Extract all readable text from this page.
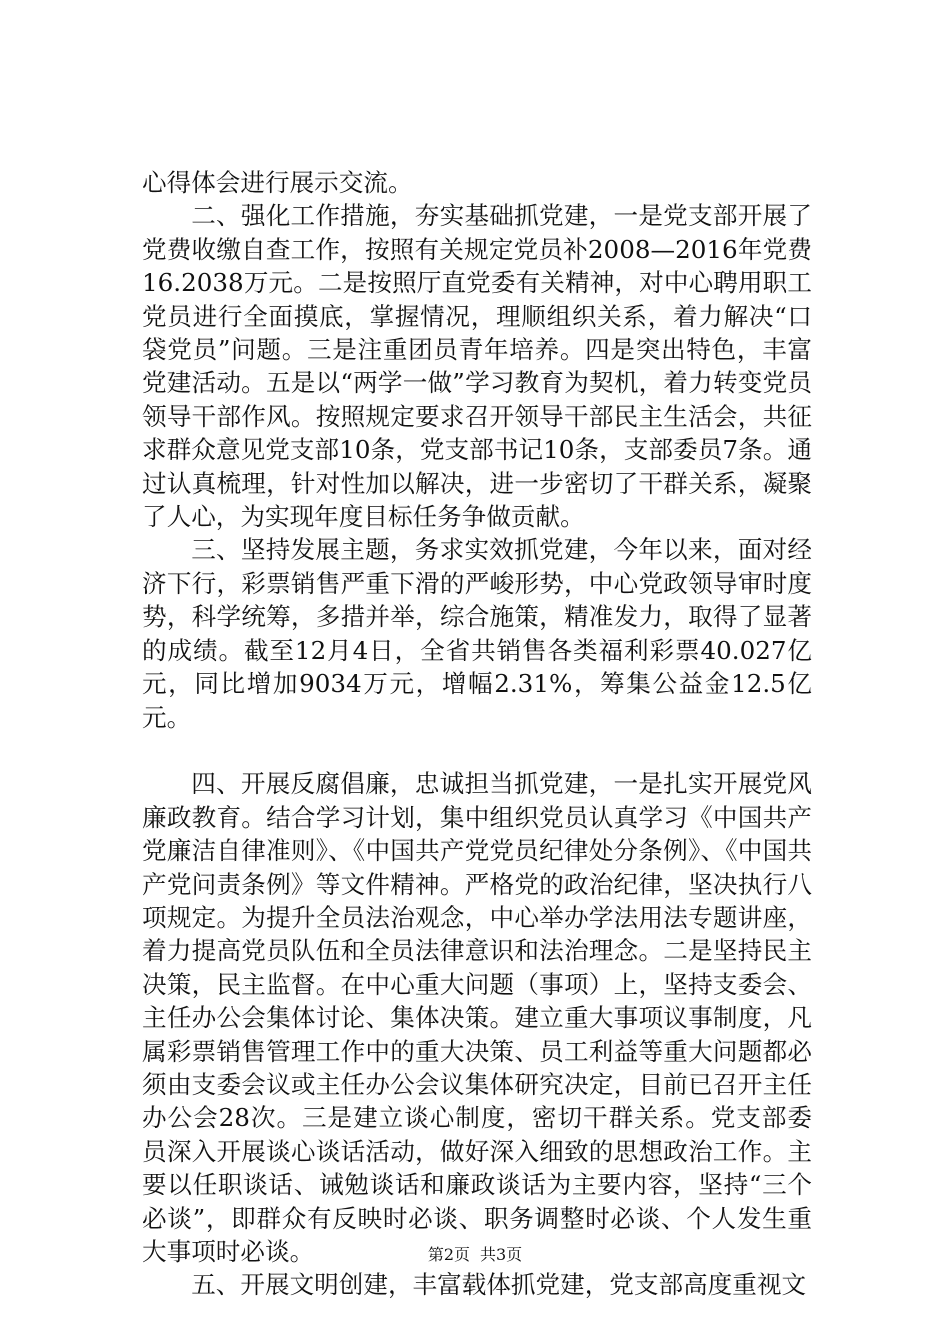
心得体会进行展示交流。

二、强化工作措施，夯实基础抓党建，一是党支部开展了党费收缴自查工作，按照有关规定党员补2008—2016年党费16.2038万元。二是按照厅直党委有关精神，对中心聘用职工党员进行全面摸底，掌握情况，理顺组织关系，着力解决“口袋党员”问题。三是注重团员青年培养。四是突出特色，丰富党建活动。五是以“两学一做”学习教育为契机，着力转变党员领导干部作风。按照规定要求召开领导干部民主生活会，共征求群众意见党支部10条，党支部书记10条，支部委员7条。通过认真梳理，针对性加以解决，进一步密切了干群关系，凝聚了人心，为实现年度目标任务争做贡献。

三、坚持发展主题，务求实效抓党建，今年以来，面对经济下行，彩票销售严重下滑的严峻形势，中心党政领导审时度势，科学统筹，多措并举，综合施策，精准发力，取得了显著的成绩。截至12月4日，全省共销售各类福利彩票40.027亿元，同比增加9034万元，增幅2.31%，筹集公益金12.5亿元。

四、开展反腐倡廉，忠诚担当抓党建，一是扎实开展党风廉政教育。结合学习计划，集中组织党员认真学习《中国共产党廉洁自律准则》、《中国共产党党员纪律处分条例》、《中国共产党问责条例》等文件精神。严格党的政治纪律，坚决执行八项规定。为提升全员法治观念，中心举办学法用法专题讲座，着力提高党员队伍和全员法律意识和法治理念。二是坚持民主决策，民主监督。在中心重大问题（事项）上，坚持支委会、主任办公会集体讨论、集体决策。建立重大事项议事制度，凡属彩票销售管理工作中的重大决策、员工利益等重大问题都必须由支委会议或主任办公会议集体研究决定，目前已召开主任办公会28次。三是建立谈心制度，密切干群关系。党支部委员深入开展谈心谈话活动，做好深入细致的思想政治工作。主要以任职谈话、诫勉谈话和廉政谈话为主要内容，坚持“三个必谈”，即群众有反映时必谈、职务调整时必谈、个人发生重大事项时必谈。

五、开展文明创建，丰富载体抓党建，党支部高度重视文

第2页 共3页
